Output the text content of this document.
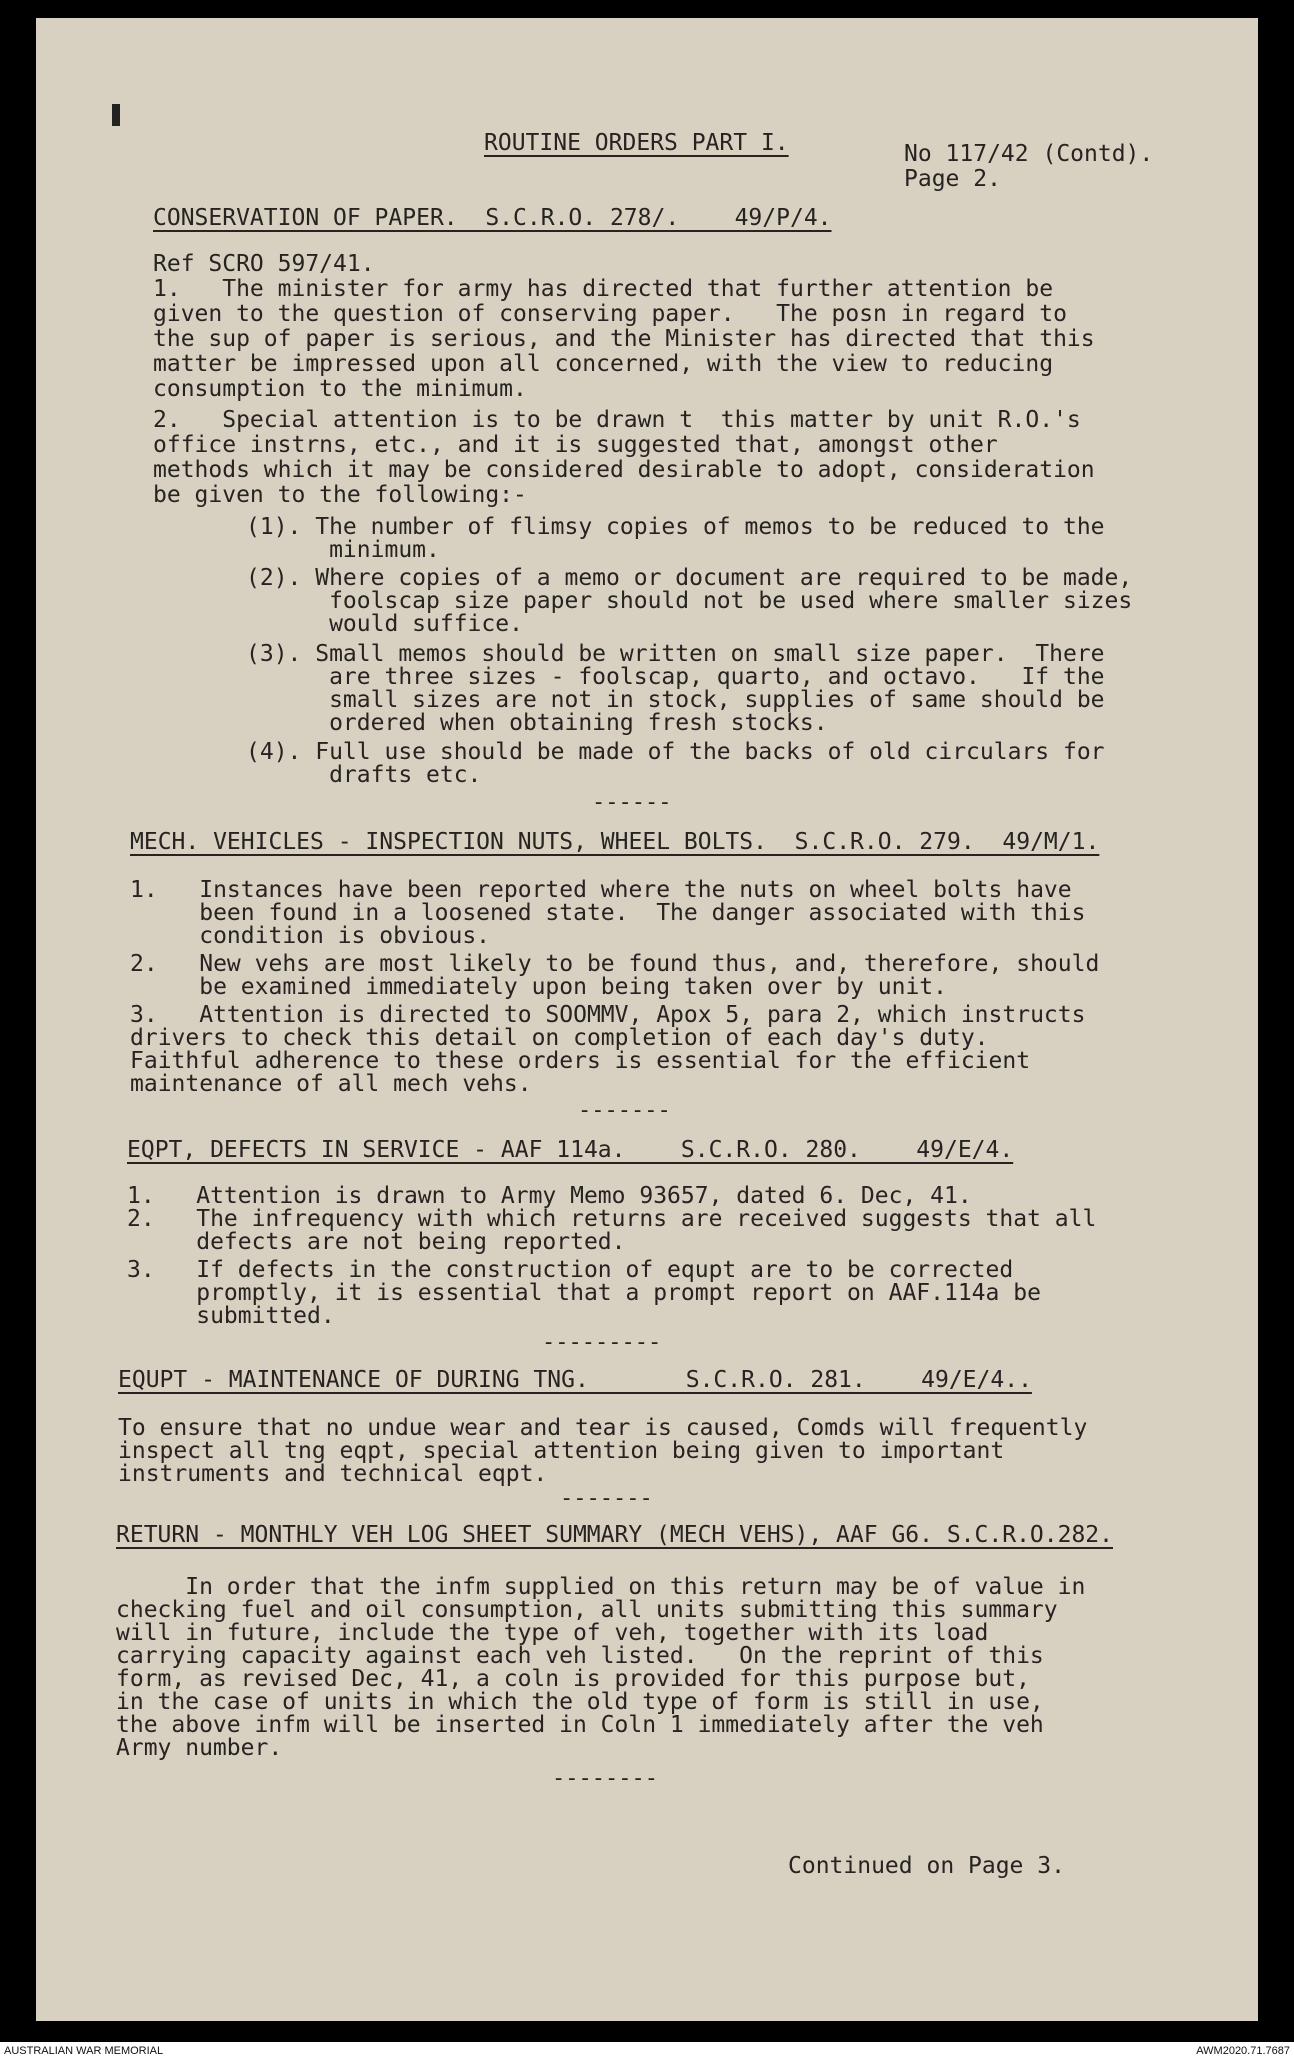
ROUTINE ORDERS PART I.	No 117/42 (Contd).
Page 2.
CONSERVATION OF PAPER.  S.C.R.O. 278/.    49/P/4.
Ref SCRO 597/41.
1.   The minister for army has directed that further attention be
given to the question of conserving paper.   The posn in regard to
the sup of paper is serious, and the Minister has directed that this
matter be impressed upon all concerned, with the view to reducing
consumption to the minimum.
2.   Special attention is to be drawn t  this matter by unit R.O.'s
office instrns, etc., and it is suggested that, amongst other
methods which it may be considered desirable to adopt, consideration
be given to the following:-
(1). The number of flimsy copies of memos to be reduced to the
minimum.
(2). Where copies of a memo or document are required to be made,
foolscap size paper should not be used where smaller sizes
would suffice.
(3). Small memos should be written on small size paper.  There
are three sizes - foolscap, quarto, and octavo.   If the
small sizes are not in stock, supplies of same should be
ordered when obtaining fresh stocks.
(4). Full use should be made of the backs of old circulars for
drafts etc.
------
MECH. VEHICLES - INSPECTION NUTS, WHEEL BOLTS.  S.C.R.O. 279.  49/M/1.
1.   Instances have been reported where the nuts on wheel bolts have
been found in a loosened state.  The danger associated with this
condition is obvious.
2.   New vehs are most likely to be found thus, and, therefore, should
be examined immediately upon being taken over by unit.
3.   Attention is directed to SOOMMV, Apox 5, para 2, which instructs
drivers to check this detail on completion of each day's duty.
Faithful adherence to these orders is essential for the efficient
maintenance of all mech vehs.
-------
EQPT, DEFECTS IN SERVICE - AAF 114a.    S.C.R.O. 280.    49/E/4.
1.   Attention is drawn to Army Memo 93657, dated 6. Dec, 41.
2.   The infrequency with which returns are received suggests that all
defects are not being reported.
3.   If defects in the construction of equpt are to be corrected
promptly, it is essential that a prompt report on AAF.114a be
submitted.
---------
EQUPT - MAINTENANCE OF DURING TNG.       S.C.R.O. 281.    49/E/4..
To ensure that no undue wear and tear is caused, Comds will frequently
inspect all tng eqpt, special attention being given to important
instruments and technical eqpt.
-------
RETURN - MONTHLY VEH LOG SHEET SUMMARY (MECH VEHS), AAF G6. S.C.R.O.282.
In order that the infm supplied on this return may be of value in
checking fuel and oil consumption, all units submitting this summary
will in future, include the type of veh, together with its load
carrying capacity against each veh listed.   On the reprint of this
form, as revised Dec, 41, a coln is provided for this purpose but,
in the case of units in which the old type of form is still in use,
the above infm will be inserted in Coln 1 immediately after the veh
Army number.
--------
Continued on Page 3.
AUSTRALIAN WAR MEMORIAL	AWM2020.71.7687
